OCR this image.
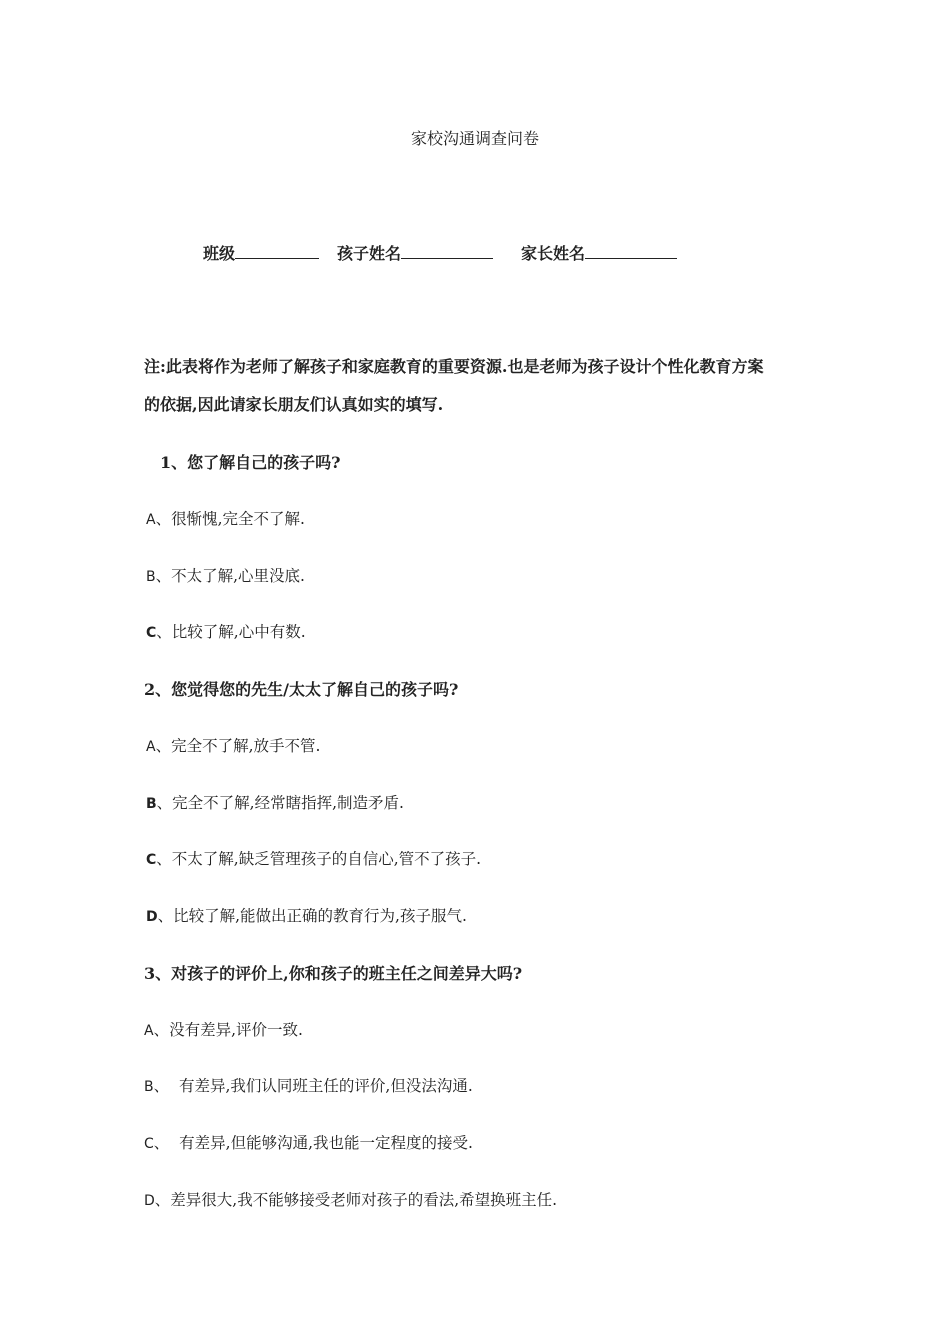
家校沟通调查问卷
班级	孩子姓名	家长姓名
注:此表将作为老师了解孩子和家庭教育的重要资源.也是老师为孩子设计个性化教育方案
的依据,因此请家长朋友们认真如实的填写.
1、您了解自己的孩子吗?
A、很惭愧,完全不了解.
B、不太了解,心里没底.
C、比较了解,心中有数.
2、您觉得您的先生/太太了解自己的孩子吗?
A、完全不了解,放手不管.
B、完全不了解,经常瞎指挥,制造矛盾.
C、不太了解,缺乏管理孩子的自信心,管不了孩子.
D、比较了解,能做出正确的教育行为,孩子服气.
3、对孩子的评价上,你和孩子的班主任之间差异大吗?
A、没有差异,评价一致.
B、  有差异,我们认同班主任的评价,但没法沟通.
C、  有差异,但能够沟通,我也能一定程度的接受.
D、差异很大,我不能够接受老师对孩子的看法,希望换班主任.
